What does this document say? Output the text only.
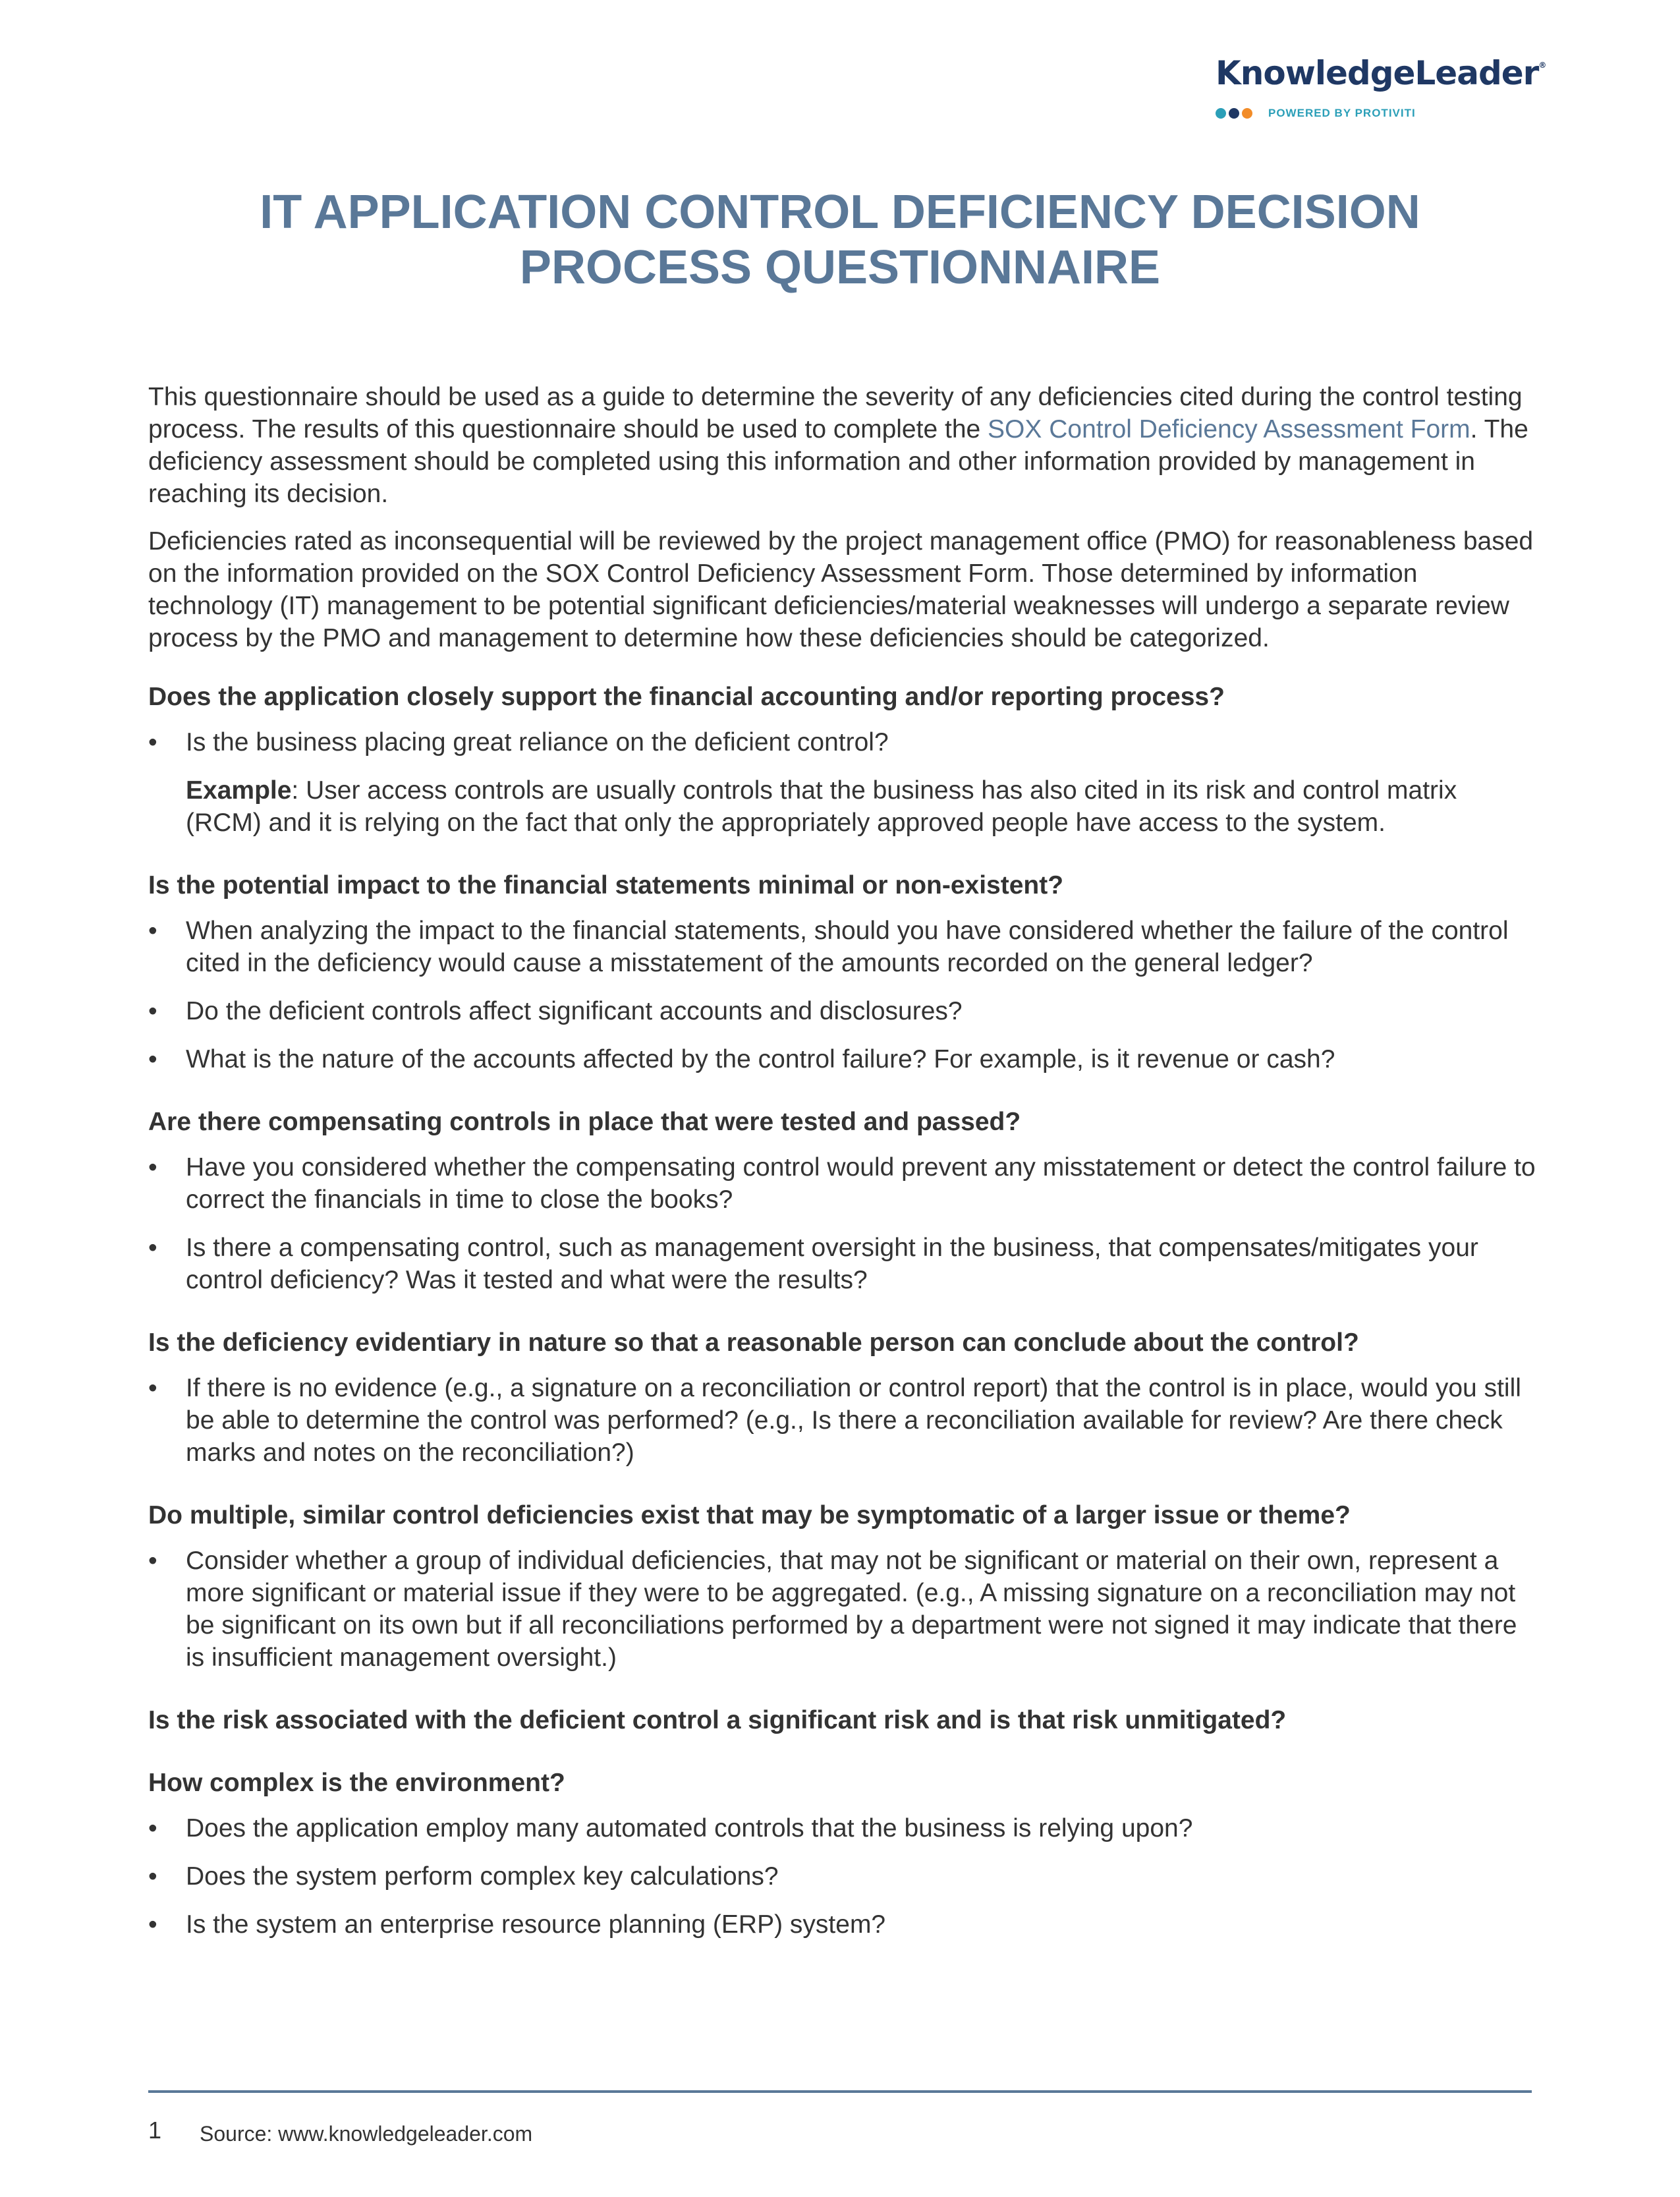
KnowledgeLeader®
POWERED BY PROTIVITI
IT APPLICATION CONTROL DEFICIENCY DECISION
PROCESS QUESTIONNAIRE

This questionnaire should be used as a guide to determine the severity of any deficiencies cited during the control testing process. The results of this questionnaire should be used to complete the SOX Control Deficiency Assessment Form. The deficiency assessment should be completed using this information and other information provided by management in reaching its decision.

Deficiencies rated as inconsequential will be reviewed by the project management office (PMO) for reasonableness based on the information provided on the SOX Control Deficiency Assessment Form. Those determined by information technology (IT) management to be potential significant deficiencies/material weaknesses will undergo a separate review process by the PMO and management to determine how these deficiencies should be categorized.

Does the application closely support the financial accounting and/or reporting process?

• Is the business placing great reliance on the deficient control?

Example: User access controls are usually controls that the business has also cited in its risk and control matrix (RCM) and it is relying on the fact that only the appropriately approved people have access to the system.

Is the potential impact to the financial statements minimal or non-existent?

• When analyzing the impact to the financial statements, should you have considered whether the failure of the control cited in the deficiency would cause a misstatement of the amounts recorded on the general ledger?
• Do the deficient controls affect significant accounts and disclosures?
• What is the nature of the accounts affected by the control failure? For example, is it revenue or cash?

Are there compensating controls in place that were tested and passed?

• Have you considered whether the compensating control would prevent any misstatement or detect the control failure to correct the financials in time to close the books?
• Is there a compensating control, such as management oversight in the business, that compensates/mitigates your control deficiency? Was it tested and what were the results?

Is the deficiency evidentiary in nature so that a reasonable person can conclude about the control?

• If there is no evidence (e.g., a signature on a reconciliation or control report) that the control is in place, would you still be able to determine the control was performed? (e.g., Is there a reconciliation available for review? Are there check marks and notes on the reconciliation?)

Do multiple, similar control deficiencies exist that may be symptomatic of a larger issue or theme?

• Consider whether a group of individual deficiencies, that may not be significant or material on their own, represent a more significant or material issue if they were to be aggregated. (e.g., A missing signature on a reconciliation may not be significant on its own but if all reconciliations performed by a department were not signed it may indicate that there is insufficient management oversight.)

Is the risk associated with the deficient control a significant risk and is that risk unmitigated?

How complex is the environment?

• Does the application employ many automated controls that the business is relying upon?
• Does the system perform complex key calculations?
• Is the system an enterprise resource planning (ERP) system?
1 Source: www.knowledgeleader.com
